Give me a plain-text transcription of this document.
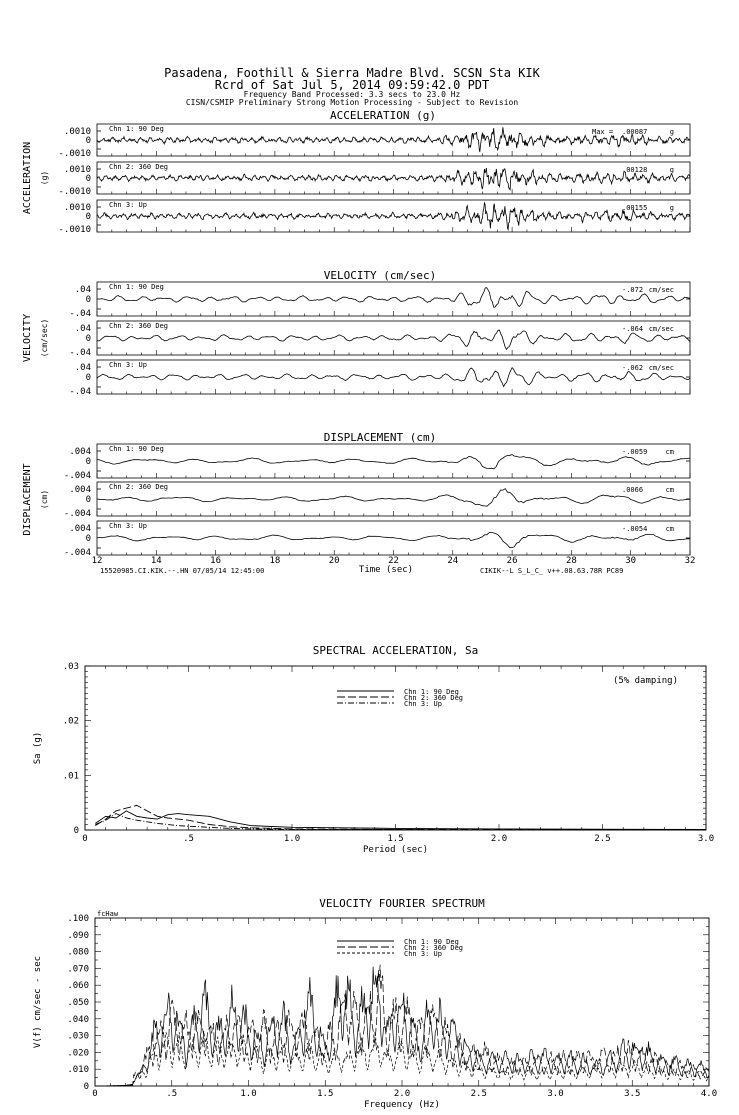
Pasadena, Foothill & Sierra Madre Blvd. SCSN Sta KIK
Rcrd of Sat Jul 5, 2014 09:59:42.0 PDT
Frequency Band Processed: 3.3 secs to 23.0 Hz
CISN/CSMIP Preliminary Strong Motion Processing - Subject to Revision
ACCELERATION (g)
ACCELERATION (g)
.0010
0
-.0010
Chn 1: 90 Deg	Max = .00087	g
.0010
0
-.0010
Chn 2: 360 Deg	.00128	g
.0010
0
-.0010
Chn 3: Up	.00155	g
VELOCITY (cm/sec)
VELOCITY (cm/sec)
.04
0
-.04
Chn 1: 90 Deg	-.072 cm/sec
.04
0
-.04
Chn 2: 360 Deg	-.064 cm/sec
.04
0
-.04
Chn 3: Up	-.062 cm/sec
DISPLACEMENT (cm)
DISPLACEMENT (cm)
.004
0
-.004
Chn 1: 90 Deg	-.0059	cm
.004
0
-.004
Chn 2: 360 Deg	.0066	cm
.004
0
-.004
Chn 3: Up	-.0054	cm
12	14	16	18	20	22	24	26	28	30	32
Time (sec)
15520985.CI.KIK.--.HN 07/05/14 12:45:00	CIKIK--L S_L_C_ v++.08.63.78R PC89
SPECTRAL ACCELERATION, Sa
(5% damping)
.03
.02
.01
0
0	.5	1.0	1.5	2.0	2.5	3.0
Period (sec)
Sa (g)
Chn 1: 90 Deg
Chn 2: 360 Deg
Chn 3: Up
VELOCITY FOURIER SPECTRUM
fcHaw
.100
.090
.080
.070
.060
.050
.040
.030
.020
.010
0
0	.5	1.0	1.5	2.0	2.5	3.0	3.5	4.0
Frequency (Hz)
V(f) cm/sec - sec
Chn 1: 90 Deg
Chn 2: 360 Deg
Chn 3: Up
